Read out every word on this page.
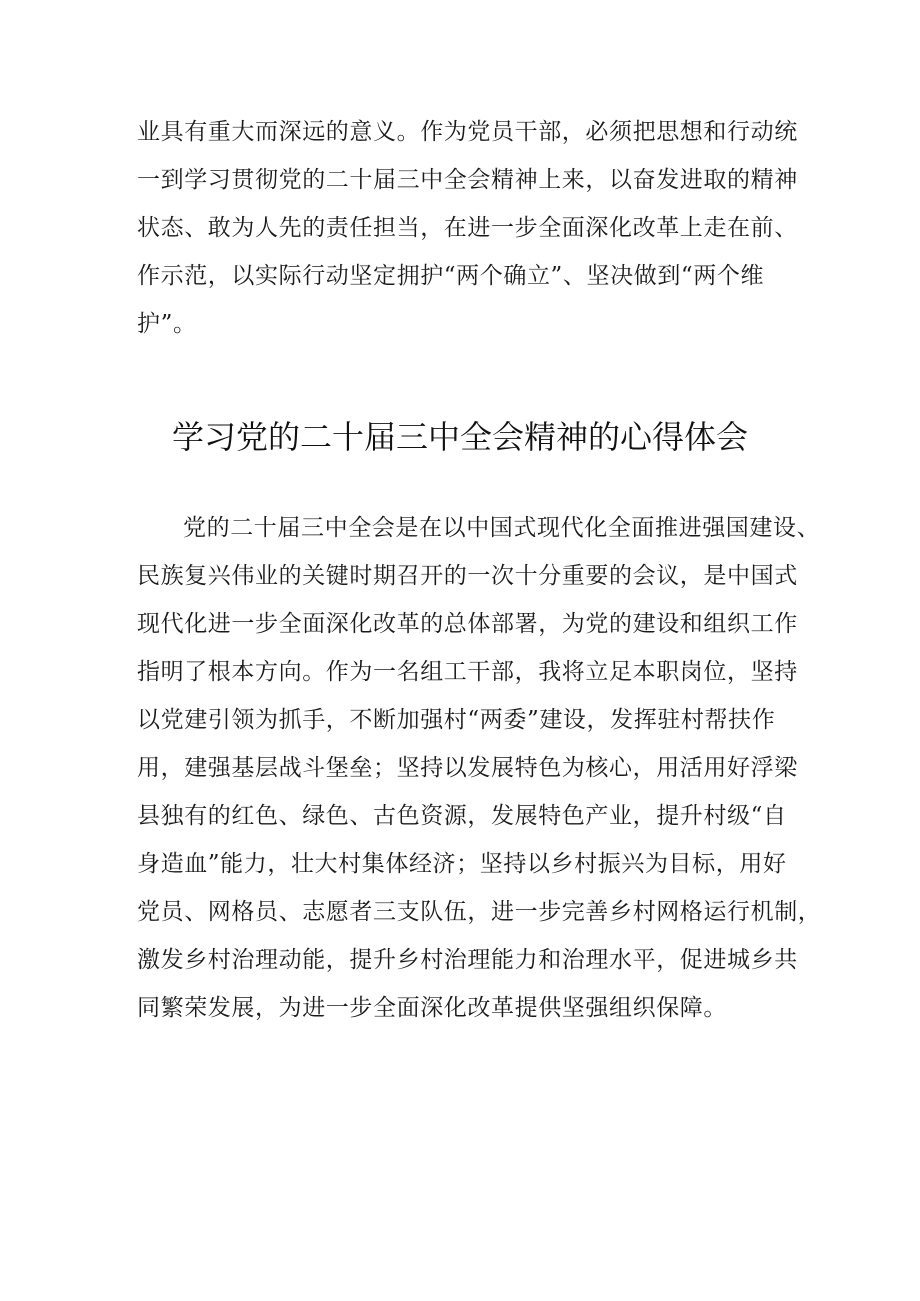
业具有重大而深远的意义。作为党员干部，必须把思想和行动统
一到学习贯彻党的二十届三中全会精神上来，以奋发进取的精神
状态、敢为人先的责任担当，在进一步全面深化改革上走在前、
作示范，以实际行动坚定拥护“两个确立”、坚决做到“两个维
护”。
学习党的二十届三中全会精神的心得体会
党的二十届三中全会是在以中国式现代化全面推进强国建设、
民族复兴伟业的关键时期召开的一次十分重要的会议，是中国式
现代化进一步全面深化改革的总体部署，为党的建设和组织工作
指明了根本方向。作为一名组工干部，我将立足本职岗位，坚持
以党建引领为抓手，不断加强村“两委”建设，发挥驻村帮扶作
用，建强基层战斗堡垒；坚持以发展特色为核心，用活用好浮梁
县独有的红色、绿色、古色资源，发展特色产业，提升村级“自
身造血”能力，壮大村集体经济；坚持以乡村振兴为目标，用好
党员、网格员、志愿者三支队伍，进一步完善乡村网格运行机制，
激发乡村治理动能，提升乡村治理能力和治理水平，促进城乡共
同繁荣发展，为进一步全面深化改革提供坚强组织保障。
